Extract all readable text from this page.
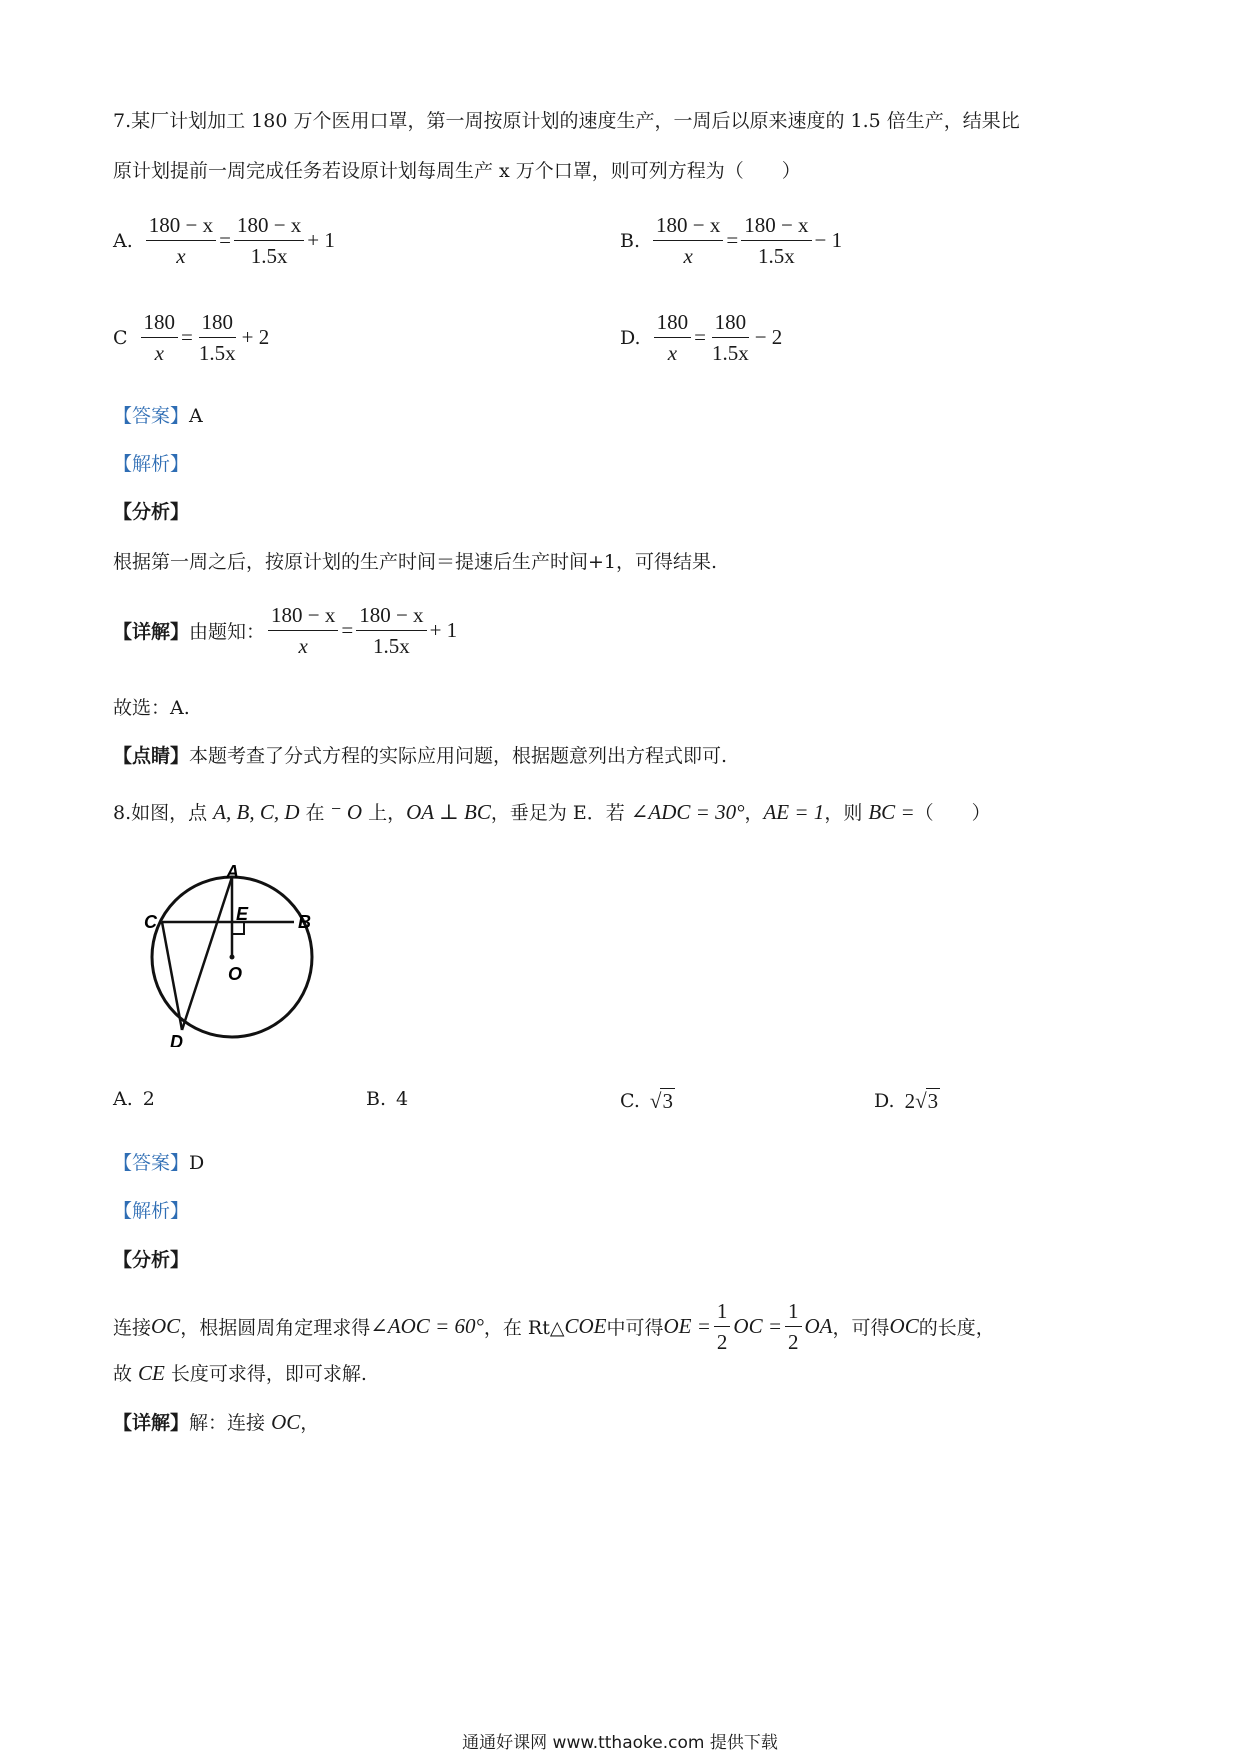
7.某厂计划加工 180 万个医用口罩，第一周按原计划的速度生产，一周后以原来速度的 1.5 倍生产，结果比
原计划提前一周完成任务若设原计划每周生产 x 万个口罩，则可列方程为（　　）
A. $\frac{180 - x}{x} = \frac{180 - x}{1.5x} + 1$	B. $\frac{180 - x}{x} = \frac{180 - x}{1.5x} - 1$
C $\frac{180}{x} = \frac{180}{1.5x} + 2$	D. $\frac{180}{x} = \frac{180}{1.5x} - 2$
【答案】A
【解析】
【分析】
根据第一周之后，按原计划的生产时间＝提速后生产时间+1，可得结果.
【详解】 由题知： $\frac{180 - x}{x} = \frac{180 - x}{1.5x} + 1$
故选：A.
【点睛】本题考查了分式方程的实际应用问题，根据题意列出方程式即可.
8.如图，点 A, B, C, D 在 ⁻ O 上，OA ⊥ BC，垂足为 E．若 ∠ADC = 30°，AE = 1，则 BC =（　　）
A
C	B
E
O
D
A. 2	B. 4	C. √ 3	D. 2 √ 3
【答案】D
【解析】
【分析】
连接 OC ，根据圆周角定理求得 ∠AOC = 60° ，在 Rt△ COE 中可得 OE = $\frac{1}{2}$ OC = $\frac{1}{2}$ OA ，可得 OC 的长度，
故 CE 长度可求得，即可求解.
【详解】解：连接 OC，
通通好课网 www.tthaoke.com 提供下载
